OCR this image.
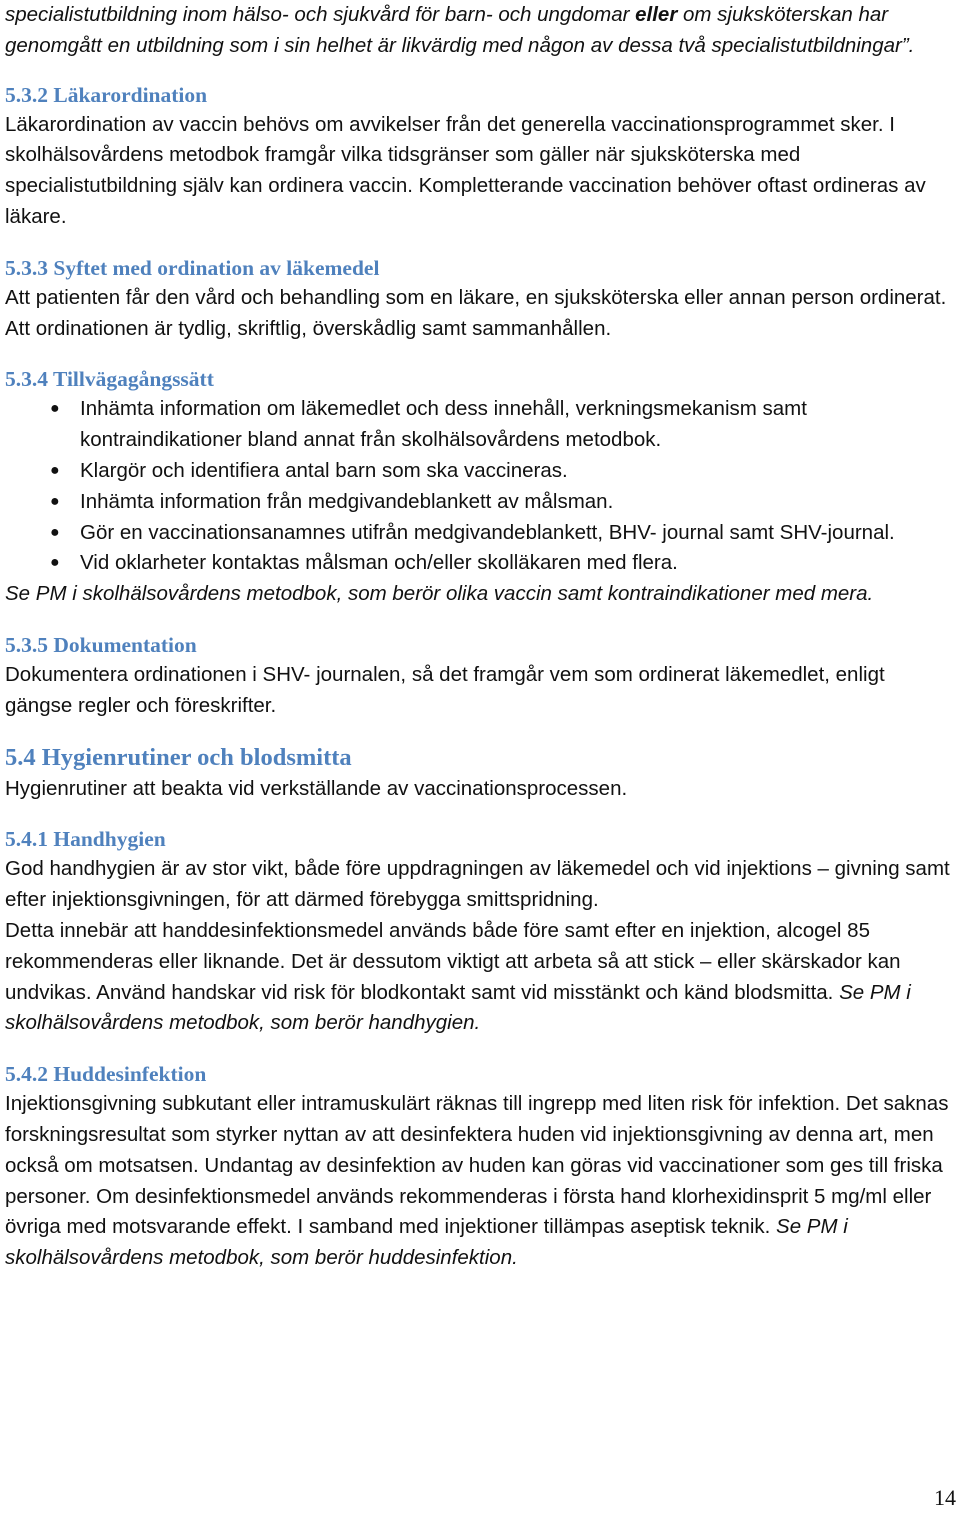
specialistutbildning inom hälso- och sjukvård för barn- och ungdomar eller om sjuksköterskan har genomgått en utbildning som i sin helhet är likvärdig med någon av dessa två specialistutbildningar”.

5.3.2 Läkarordination

Läkarordination av vaccin behövs om avvikelser från det generella vaccinationsprogrammet sker. I skolhälsovårdens metodbok framgår vilka tidsgränser som gäller när sjuksköterska med specialistutbildning själv kan ordinera vaccin. Kompletterande vaccination behöver oftast ordineras av läkare.

5.3.3 Syftet med ordination av läkemedel

Att patienten får den vård och behandling som en läkare, en sjuksköterska eller annan person ordinerat. Att ordinationen är tydlig, skriftlig, överskådlig samt sammanhållen.

5.3.4 Tillvägagångssätt
● Inhämta information om läkemedlet och dess innehåll, verkningsmekanism samt kontraindikationer bland annat från skolhälsovårdens metodbok.
● Klargör och identifiera antal barn som ska vaccineras.
● Inhämta information från medgivandeblankett av målsman.
● Gör en vaccinationsanamnes utifrån medgivandeblankett, BHV- journal samt SHV-journal.
● Vid oklarheter kontaktas målsman och/eller skolläkaren med flera.

Se PM i skolhälsovårdens metodbok, som berör olika vaccin samt kontraindikationer med mera.

5.3.5 Dokumentation

Dokumentera ordinationen i SHV- journalen, så det framgår vem som ordinerat läkemedlet, enligt gängse regler och föreskrifter.

5.4 Hygienrutiner och blodsmitta

Hygienrutiner att beakta vid verkställande av vaccinationsprocessen.

5.4.1 Handhygien

God handhygien är av stor vikt, både före uppdragningen av läkemedel och vid injektions – givning samt efter injektionsgivningen, för att därmed förebygga smittspridning.

Detta innebär att handdesinfektionsmedel används både före samt efter en injektion, alcogel 85 rekommenderas eller liknande. Det är dessutom viktigt att arbeta så att stick – eller skärskador kan undvikas. Använd handskar vid risk för blodkontakt samt vid misstänkt och känd blodsmitta. Se PM i skolhälsovårdens metodbok, som berör handhygien.

5.4.2 Huddesinfektion

Injektionsgivning subkutant eller intramuskulärt räknas till ingrepp med liten risk för infektion. Det saknas forskningsresultat som styrker nyttan av att desinfektera huden vid injektionsgivning av denna art, men också om motsatsen. Undantag av desinfektion av huden kan göras vid vaccinationer som ges till friska personer. Om desinfektionsmedel används rekommenderas i första hand klorhexidinsprit 5 mg/ml eller övriga med motsvarande effekt. I samband med injektioner tillämpas aseptisk teknik. Se PM i skolhälsovårdens metodbok, som berör huddesinfektion.

14
